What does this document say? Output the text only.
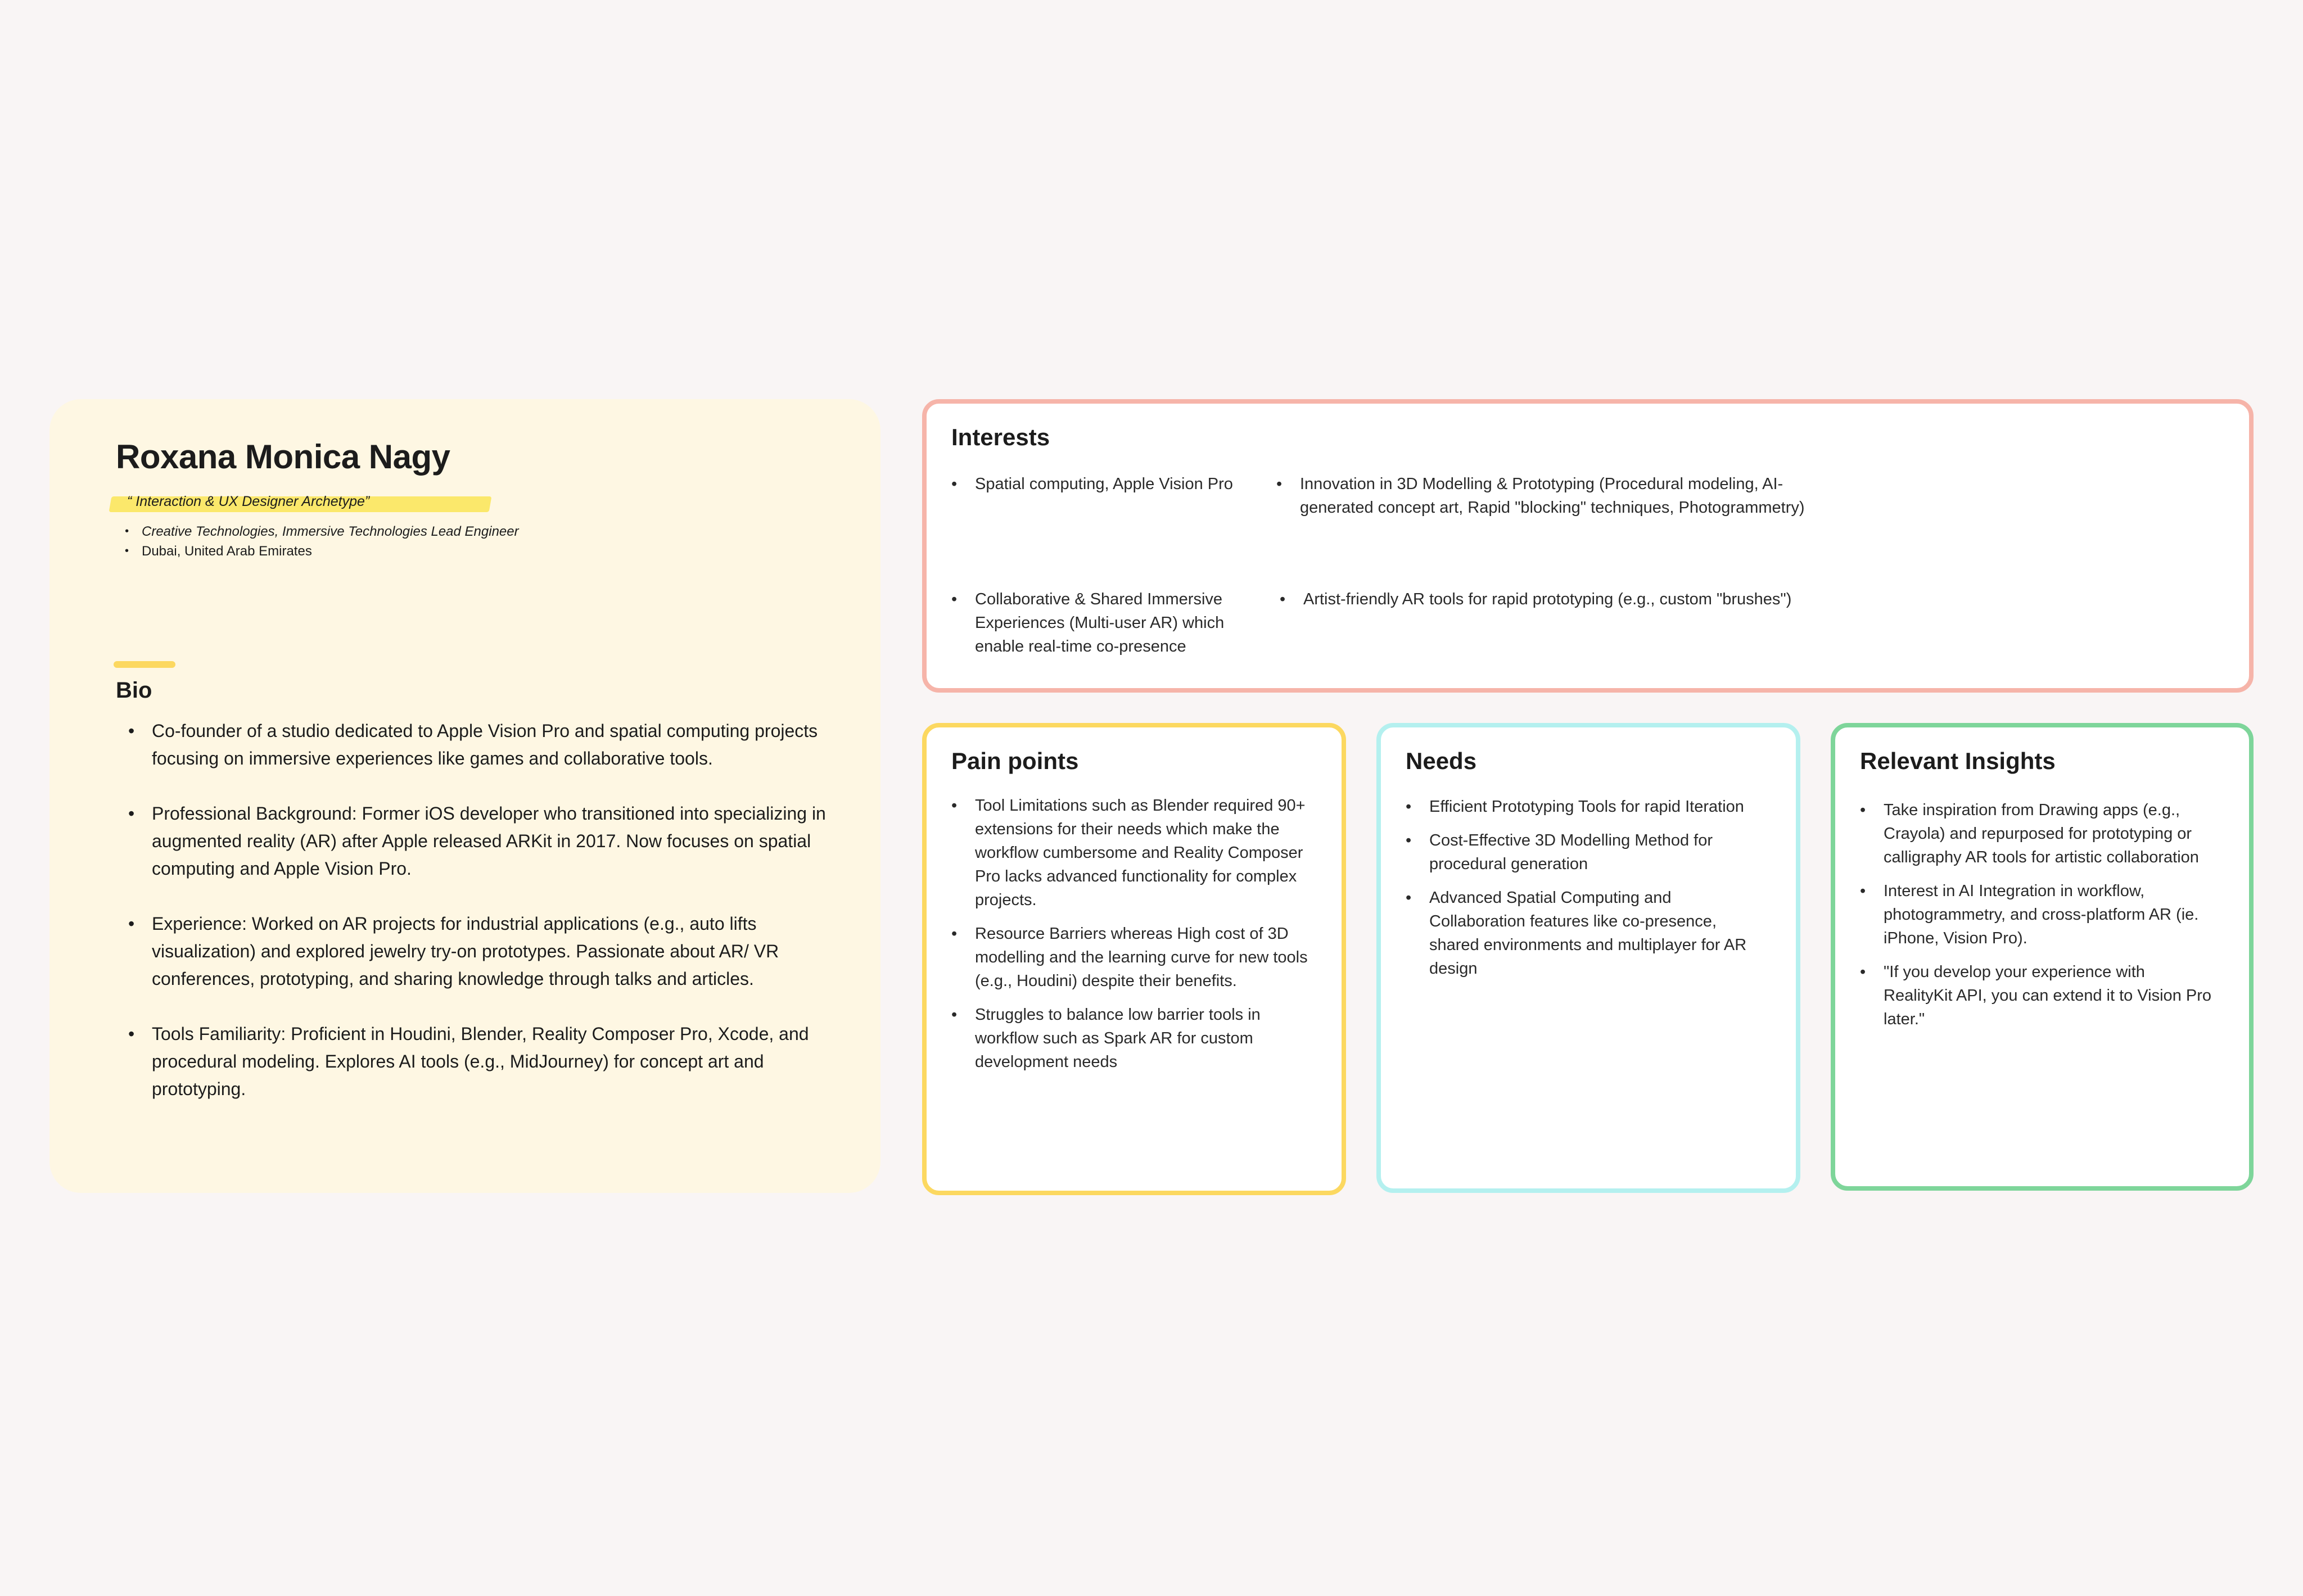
Roxana Monica Nagy
“ Interaction & UX Designer Archetype”
• Creative Technologies, Immersive Technologies Lead Engineer
• Dubai, United Arab Emirates
Bio
• Co-founder of a studio dedicated to Apple Vision Pro and spatial computing projects focusing on immersive experiences like games and collaborative tools.
• Professional Background: Former iOS developer who transitioned into specializing in augmented reality (AR) after Apple released ARKit in 2017. Now focuses on spatial computing and Apple Vision Pro.
• Experience: Worked on AR projects for industrial applications (e.g., auto lifts visualization) and explored jewelry try-on prototypes. Passionate about AR/ VR conferences, prototyping, and sharing knowledge through talks and articles.
• Tools Familiarity: Proficient in Houdini, Blender, Reality Composer Pro, Xcode, and procedural modeling. Explores AI tools (e.g., MidJourney) for concept art and prototyping.
Interests
• Spatial computing, Apple Vision Pro
•	Innovation in 3D Modelling & Prototyping (Procedural modeling, AI-generated concept art, Rapid "blocking" techniques, Photogrammetry)
• Collaborative & Shared Immersive Experiences (Multi-user AR) which enable real-time co-presence
• Artist-friendly AR tools for rapid prototyping (e.g., custom "brushes")
Pain points
• Tool Limitations such as Blender required 90+ extensions for their needs which make the workflow cumbersome and Reality Composer Pro lacks advanced functionality for complex projects.
• Resource Barriers whereas High cost of 3D modelling and the learning curve for new tools (e.g., Houdini) despite their benefits.
• Struggles to balance low barrier tools in workflow such as Spark AR for custom development needs
Needs
• Efficient Prototyping Tools for rapid Iteration
• Cost-Effective 3D Modelling Method for procedural generation
• Advanced Spatial Computing and Collaboration features like co-presence, shared environments and multiplayer for AR design
Relevant Insights
• Take inspiration from Drawing apps (e.g., Crayola) and repurposed for prototyping or calligraphy AR tools for artistic collaboration
• Interest in AI Integration in workflow, photogrammetry, and cross-platform AR (ie. iPhone, Vision Pro).
• "If you develop your experience with RealityKit API, you can extend it to Vision Pro later."
